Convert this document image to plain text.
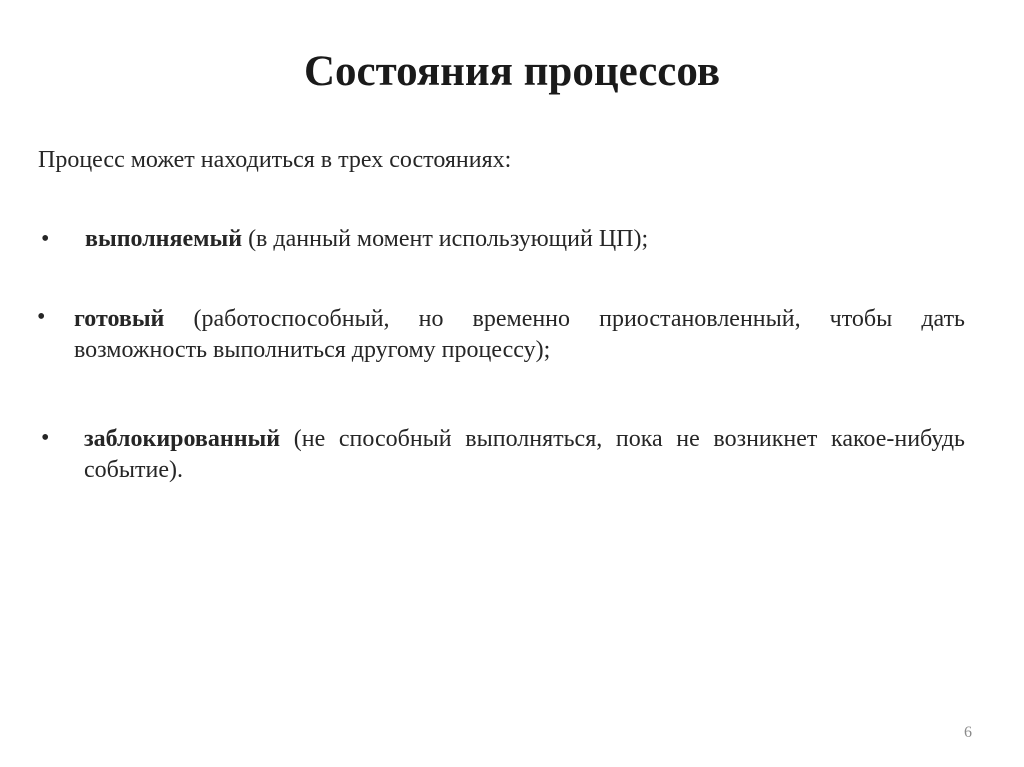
Состояния процессов
Процесс может находиться в трех состояниях:
• выполняемый (в данный момент использующий ЦП);
• готовый (работоспособный, но временно приостановленный, чтобы дать возможность выполниться другому процессу);
• заблокированный (не способный выполняться, пока не возникнет какое-нибудь событие).
6
